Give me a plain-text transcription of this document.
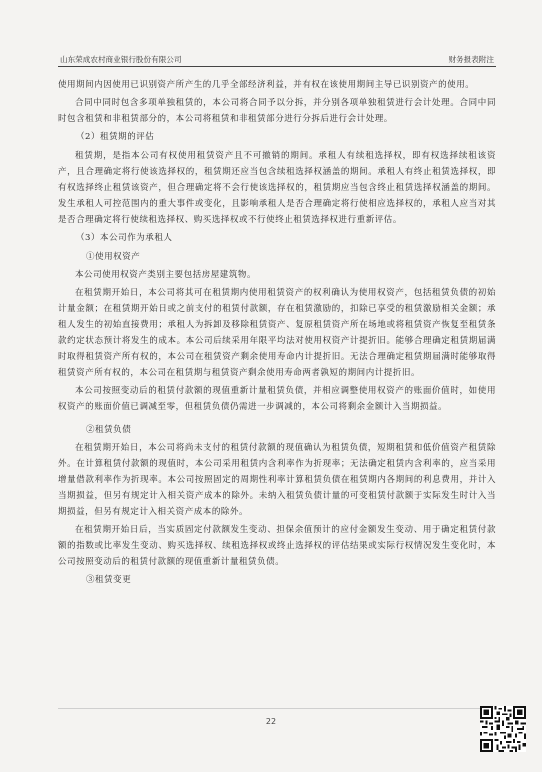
山东荣成农村商业银行股份有限公司	财务报表附注

使用期间内因使用已识别资产所产生的几乎全部经济利益，并有权在该使用期间主导已识别资产的使用。

合同中同时包含多项单独租赁的，本公司将合同予以分拆，并分别各项单独租赁进行会计处理。合同中同时包含租赁和非租赁部分的，本公司将租赁和非租赁部分进行分拆后进行会计处理。

（2）租赁期的评估

租赁期，是指本公司有权使用租赁资产且不可撤销的期间。承租人有续租选择权，即有权选择续租该资产，且合理确定将行使该选择权的，租赁期还应当包含续租选择权涵盖的期间。承租人有终止租赁选择权，即有权选择终止租赁该资产，但合理确定将不会行使该选择权的，租赁期应当包含终止租赁选择权涵盖的期间。发生承租人可控范围内的重大事件或变化，且影响承租人是否合理确定将行使相应选择权的，承租人应当对其是否合理确定将行使续租选择权、购买选择权或不行使终止租赁选择权进行重新评估。

（3）本公司作为承租人

①使用权资产

本公司使用权资产类别主要包括房屋建筑物。

在租赁期开始日，本公司将其可在租赁期内使用租赁资产的权利确认为使用权资产，包括租赁负债的初始计量金额；在租赁期开始日或之前支付的租赁付款额，存在租赁激励的，扣除已享受的租赁激励相关金额；承租人发生的初始直接费用；承租人为拆卸及移除租赁资产、复原租赁资产所在场地或将租赁资产恢复至租赁条款约定状态预计将发生的成本。本公司后续采用年限平均法对使用权资产计提折旧。能够合理确定租赁期届满时取得租赁资产所有权的，本公司在租赁资产剩余使用寿命内计提折旧。无法合理确定租赁期届满时能够取得租赁资产所有权的，本公司在租赁期与租赁资产剩余使用寿命两者孰短的期间内计提折旧。

本公司按照变动后的租赁付款额的现值重新计量租赁负债，并相应调整使用权资产的账面价值时，如使用权资产的账面价值已调减至零，但租赁负债仍需进一步调减的，本公司将剩余金额计入当期损益。

②租赁负债

在租赁期开始日，本公司将尚未支付的租赁付款额的现值确认为租赁负债，短期租赁和低价值资产租赁除外。在计算租赁付款额的现值时，本公司采用租赁内含利率作为折现率；无法确定租赁内含利率的，应当采用增量借款利率作为折现率。本公司按照固定的周期性利率计算租赁负债在租赁期内各期间的利息费用，并计入当期损益，但另有规定计入相关资产成本的除外。未纳入租赁负债计量的可变租赁付款额于实际发生时计入当期损益，但另有规定计入相关资产成本的除外。

在租赁期开始日后，当实质固定付款额发生变动、担保余值预计的应付金额发生变动、用于确定租赁付款额的指数或比率发生变动、购买选择权、续租选择权或终止选择权的评估结果或实际行权情况发生变化时，本公司按照变动后的租赁付款额的现值重新计量租赁负债。

③租赁变更

22
